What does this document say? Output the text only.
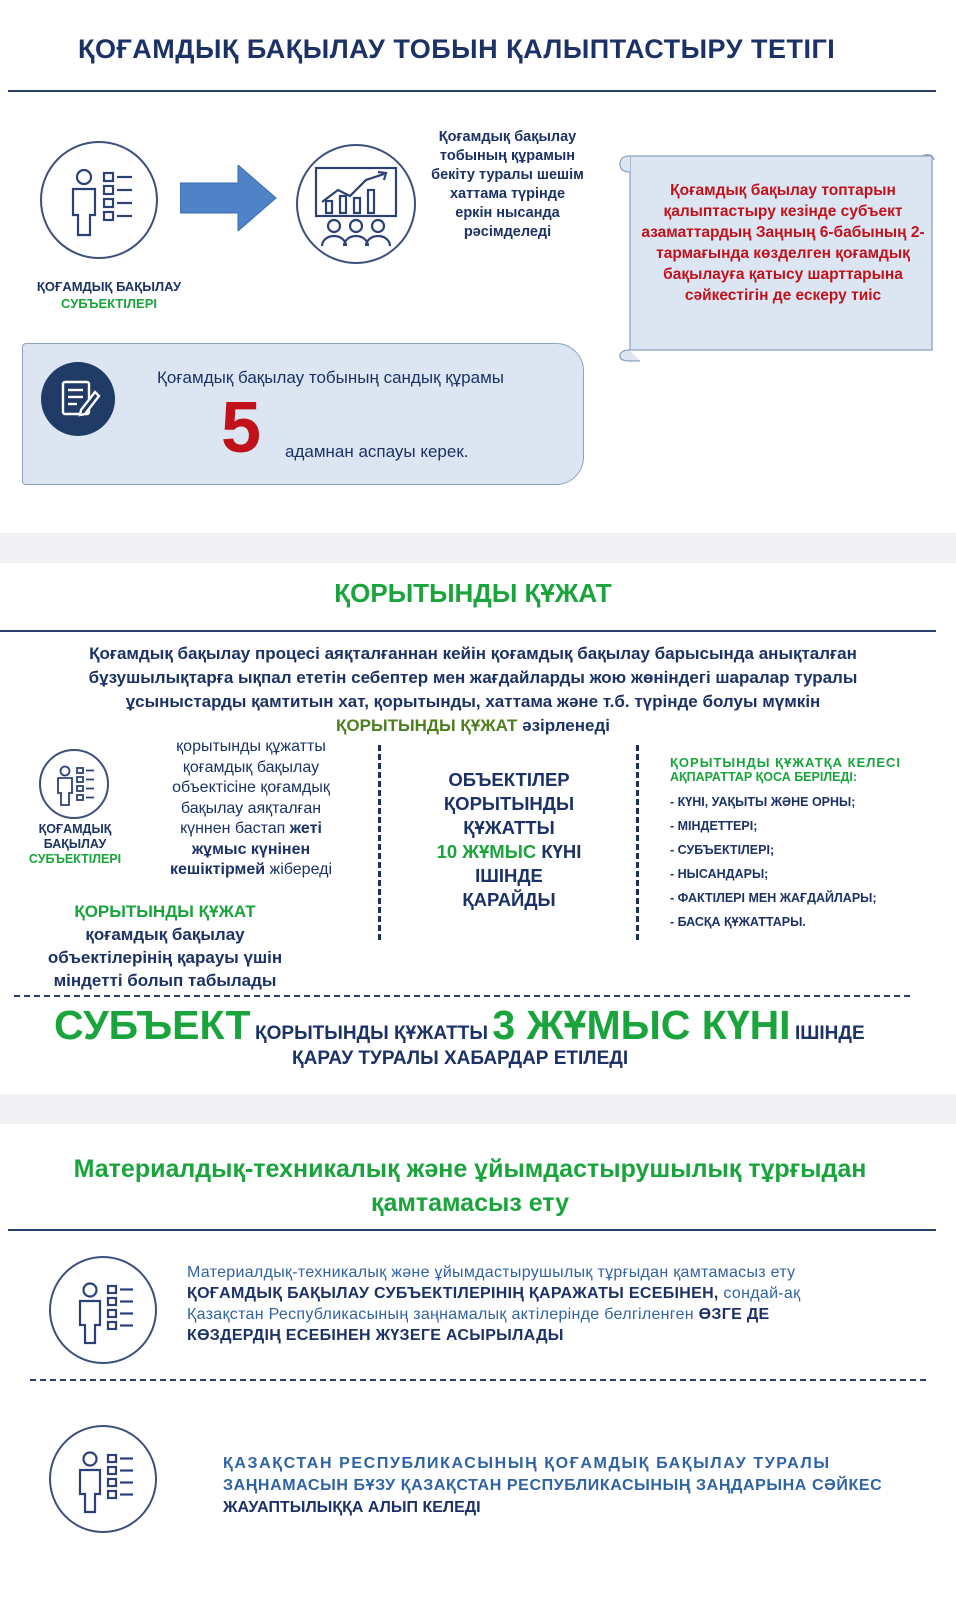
ҚОҒАМДЫҚ БАҚЫЛАУ ТОБЫН ҚАЛЫПТАСТЫРУ ТЕТІГІ
Қоғамдық бақылау тобының құрамын бекіту туралы шешім хаттама түрінде еркін нысанда рәсімделеді
ҚОҒАМДЫҚ БАҚЫЛАУ
СУБЪЕКТІЛЕРІ
Қоғамдық бақылау топтарын қалыптастыру кезінде субъект азаматтардың Заңның 6-бабының 2-тармағында көзделген қоғамдық бақылауға қатысу шарттарына сәйкестігін де ескеру тиіс
Қоғамдық бақылау тобының сандық құрамы
5 адамнан аспауы керек.
ҚОРЫТЫНДЫ ҚҰЖАТ
Қоғамдық бақылау процесі аяқталғаннан кейін қоғамдық бақылау барысында анықталған
бұзушылықтарға ықпал ететін себептер мен жағдайларды жою жөніндегі шаралар туралы
ұсыныстарды қамтитын хат, қорытынды, хаттама және т.б. түрінде болуы мүмкін
ҚОРЫТЫНДЫ ҚҰЖАТ әзірленеді
ҚОҒАМДЫҚ
БАҚЫЛАУ
СУБЪЕКТІЛЕРІ
қорытынды құжатты
қоғамдық бақылау
объектісіне қоғамдық
бақылау аяқталған
күннен бастап жеті
жұмыс күнінен
кешіктірмей жібереді
ҚОРЫТЫНДЫ ҚҰЖАТ
қоғамдық бақылау
объектілерінің қарауы үшін
міндетті болып табылады
ОБЪЕКТІЛЕР
ҚОРЫТЫНДЫ
ҚҰЖАТТЫ
10 ЖҰМЫС КҮНІ
ІШІНДЕ
ҚАРАЙДЫ
ҚОРЫТЫНДЫ ҚҰЖАТҚА КЕЛЕСІ
АҚПАРАТТАР ҚОСА БЕРІЛЕДІ:
- КҮНІ, УАҚЫТЫ ЖӘНЕ ОРНЫ;
- МІНДЕТТЕРІ;
- СУБЪЕКТІЛЕРІ;
- НЫСАНДАРЫ;
- ФАКТІЛЕРІ МЕН ЖАҒДАЙЛАРЫ;
- БАСҚА ҚҰЖАТТАРЫ.
СУБЪЕКТ ҚОРЫТЫНДЫ ҚҰЖАТТЫ 3 ЖҰМЫС КҮНІ ІШІНДЕ
ҚАРАУ ТУРАЛЫ ХАБАРДАР ЕТІЛЕДІ
Материалдық-техникалық және ұйымдастырушылық тұрғыдан
қамтамасыз ету
Материалдық-техникалық және ұйымдастырушылық тұрғыдан қамтамасыз ету
ҚОҒАМДЫҚ БАҚЫЛАУ СУБЪЕКТІЛЕРІНІҢ ҚАРАЖАТЫ ЕСЕБІНЕН, сондай-ақ
Қазақстан Республикасының заңнамалық актілерінде белгіленген ӨЗГЕ ДЕ
КӨЗДЕРДІҢ ЕСЕБІНЕН ЖҮЗЕГЕ АСЫРЫЛАДЫ
ҚАЗАҚСТАН РЕСПУБЛИКАСЫНЫҢ ҚОҒАМДЫҚ БАҚЫЛАУ ТУРАЛЫ
ЗАҢНАМАСЫН БҰЗУ ҚАЗАҚСТАН РЕСПУБЛИКАСЫНЫҢ ЗАҢДАРЫНА СӘЙКЕС
ЖАУАПТЫЛЫҚҚА АЛЫП КЕЛЕДІ
